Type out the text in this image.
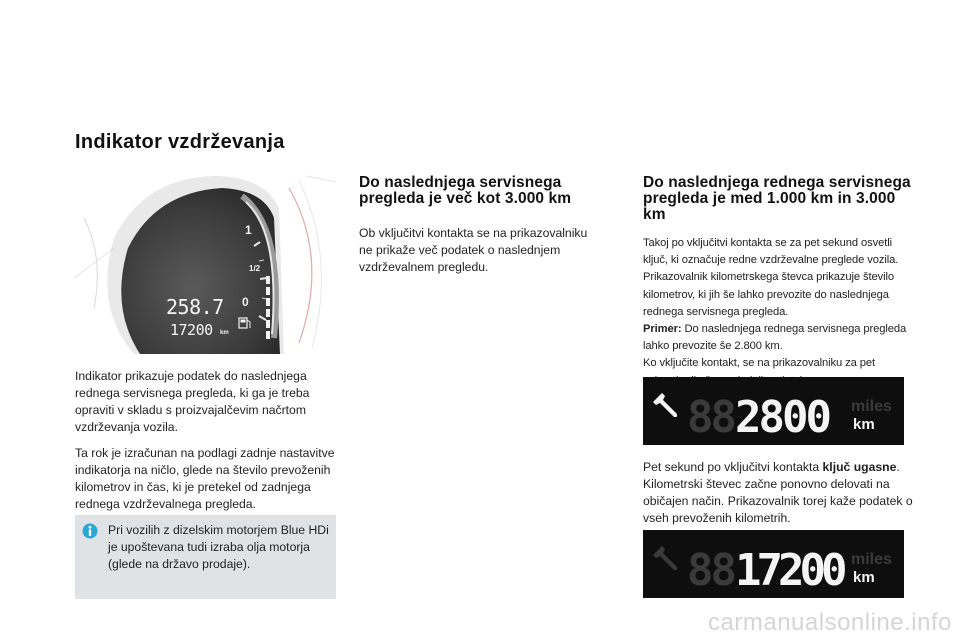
Indikator vzdrževanja
1
1/2
0
258.7
17200 km

Indikator prikazuje podatek do naslednjega rednega servisnega pregleda, ki ga je treba opraviti v skladu s proizvajalčevim načrtom vzdrževanja vozila.

Ta rok je izračunan na podlagi zadnje nastavitve indikatorja na ničlo, glede na število prevoženih kilometrov in čas, ki je pretekel od zadnjega rednega vzdrževalnega pregleda.

Pri vozilih z dizelskim motorjem Blue HDi je upoštevana tudi izraba olja motorja (glede na državo prodaje).
Do naslednjega servisnega pregleda je več kot 3.000 km
Ob vključitvi kontakta se na prikazovalniku ne prikaže več podatek o naslednjem vzdrževalnem pregledu.
Do naslednjega rednega servisnega pregleda je med 1.000 km in 3.000 km

Takoj po vključitvi kontakta se za pet sekund osvetli ključ, ki označuje redne vzdrževalne preglede vozila. Prikazovalnik kilometrskega števca prikazuje število kilometrov, ki jih še lahko prevozite do naslednjega rednega servisnega pregleda.

Primer: Do naslednjega rednega servisnega pregleda lahko prevozite še 2.800 km.

Ko vključite kontakt, se na prikazovalniku za pet

88 2800 miles
km

Pet sekund po vključitvi kontakta ključ ugasne. Kilometrski števec začne ponovno delovati na običajen način. Prikazovalnik torej kaže podatek o vseh prevoženih kilometrih.

88 17200 miles
km
carmanualsonline.info
